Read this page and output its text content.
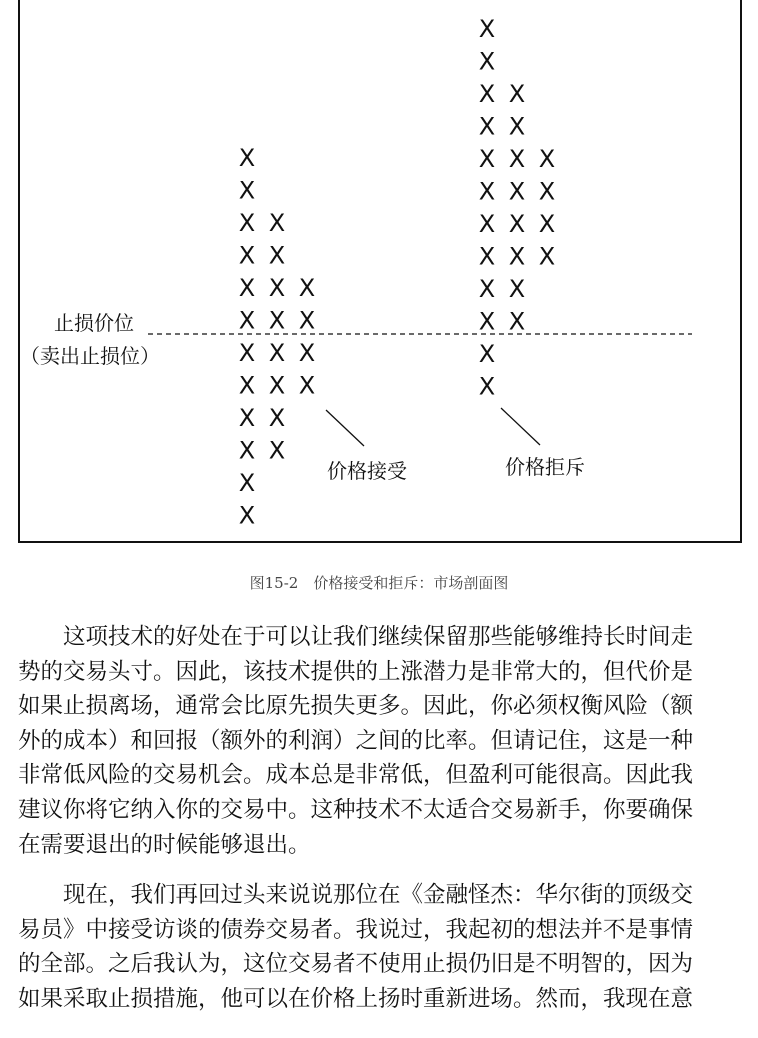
X
X
X
X
X
X
X
X
X
X
X
X
X
X
X
X
X
X
X
X
X
X
X
X
X
X
X
X
X
X
X
X
X
X
X
X
X
X
X
X
X
X
X
X
X
X
X
X
止损价位
（卖出止损位）
价格接受	价格拒斥
图15-2　价格接受和拒斥：市场剖面图
这项技术的好处在于可以让我们继续保留那些能够维持长时间走
势的交易头寸。因此，该技术提供的上涨潜力是非常大的，但代价是
如果止损离场，通常会比原先损失更多。因此，你必须权衡风险（额
外的成本）和回报（额外的利润）之间的比率。但请记住，这是一种
非常低风险的交易机会。成本总是非常低，但盈利可能很高。因此我
建议你将它纳入你的交易中。这种技术不太适合交易新手，你要确保
在需要退出的时候能够退出。
现在，我们再回过头来说说那位在《金融怪杰：华尔街的顶级交
易员》中接受访谈的债券交易者。我说过，我起初的想法并不是事情
的全部。之后我认为，这位交易者不使用止损仍旧是不明智的，因为
如果采取止损措施，他可以在价格上扬时重新进场。然而，我现在意
